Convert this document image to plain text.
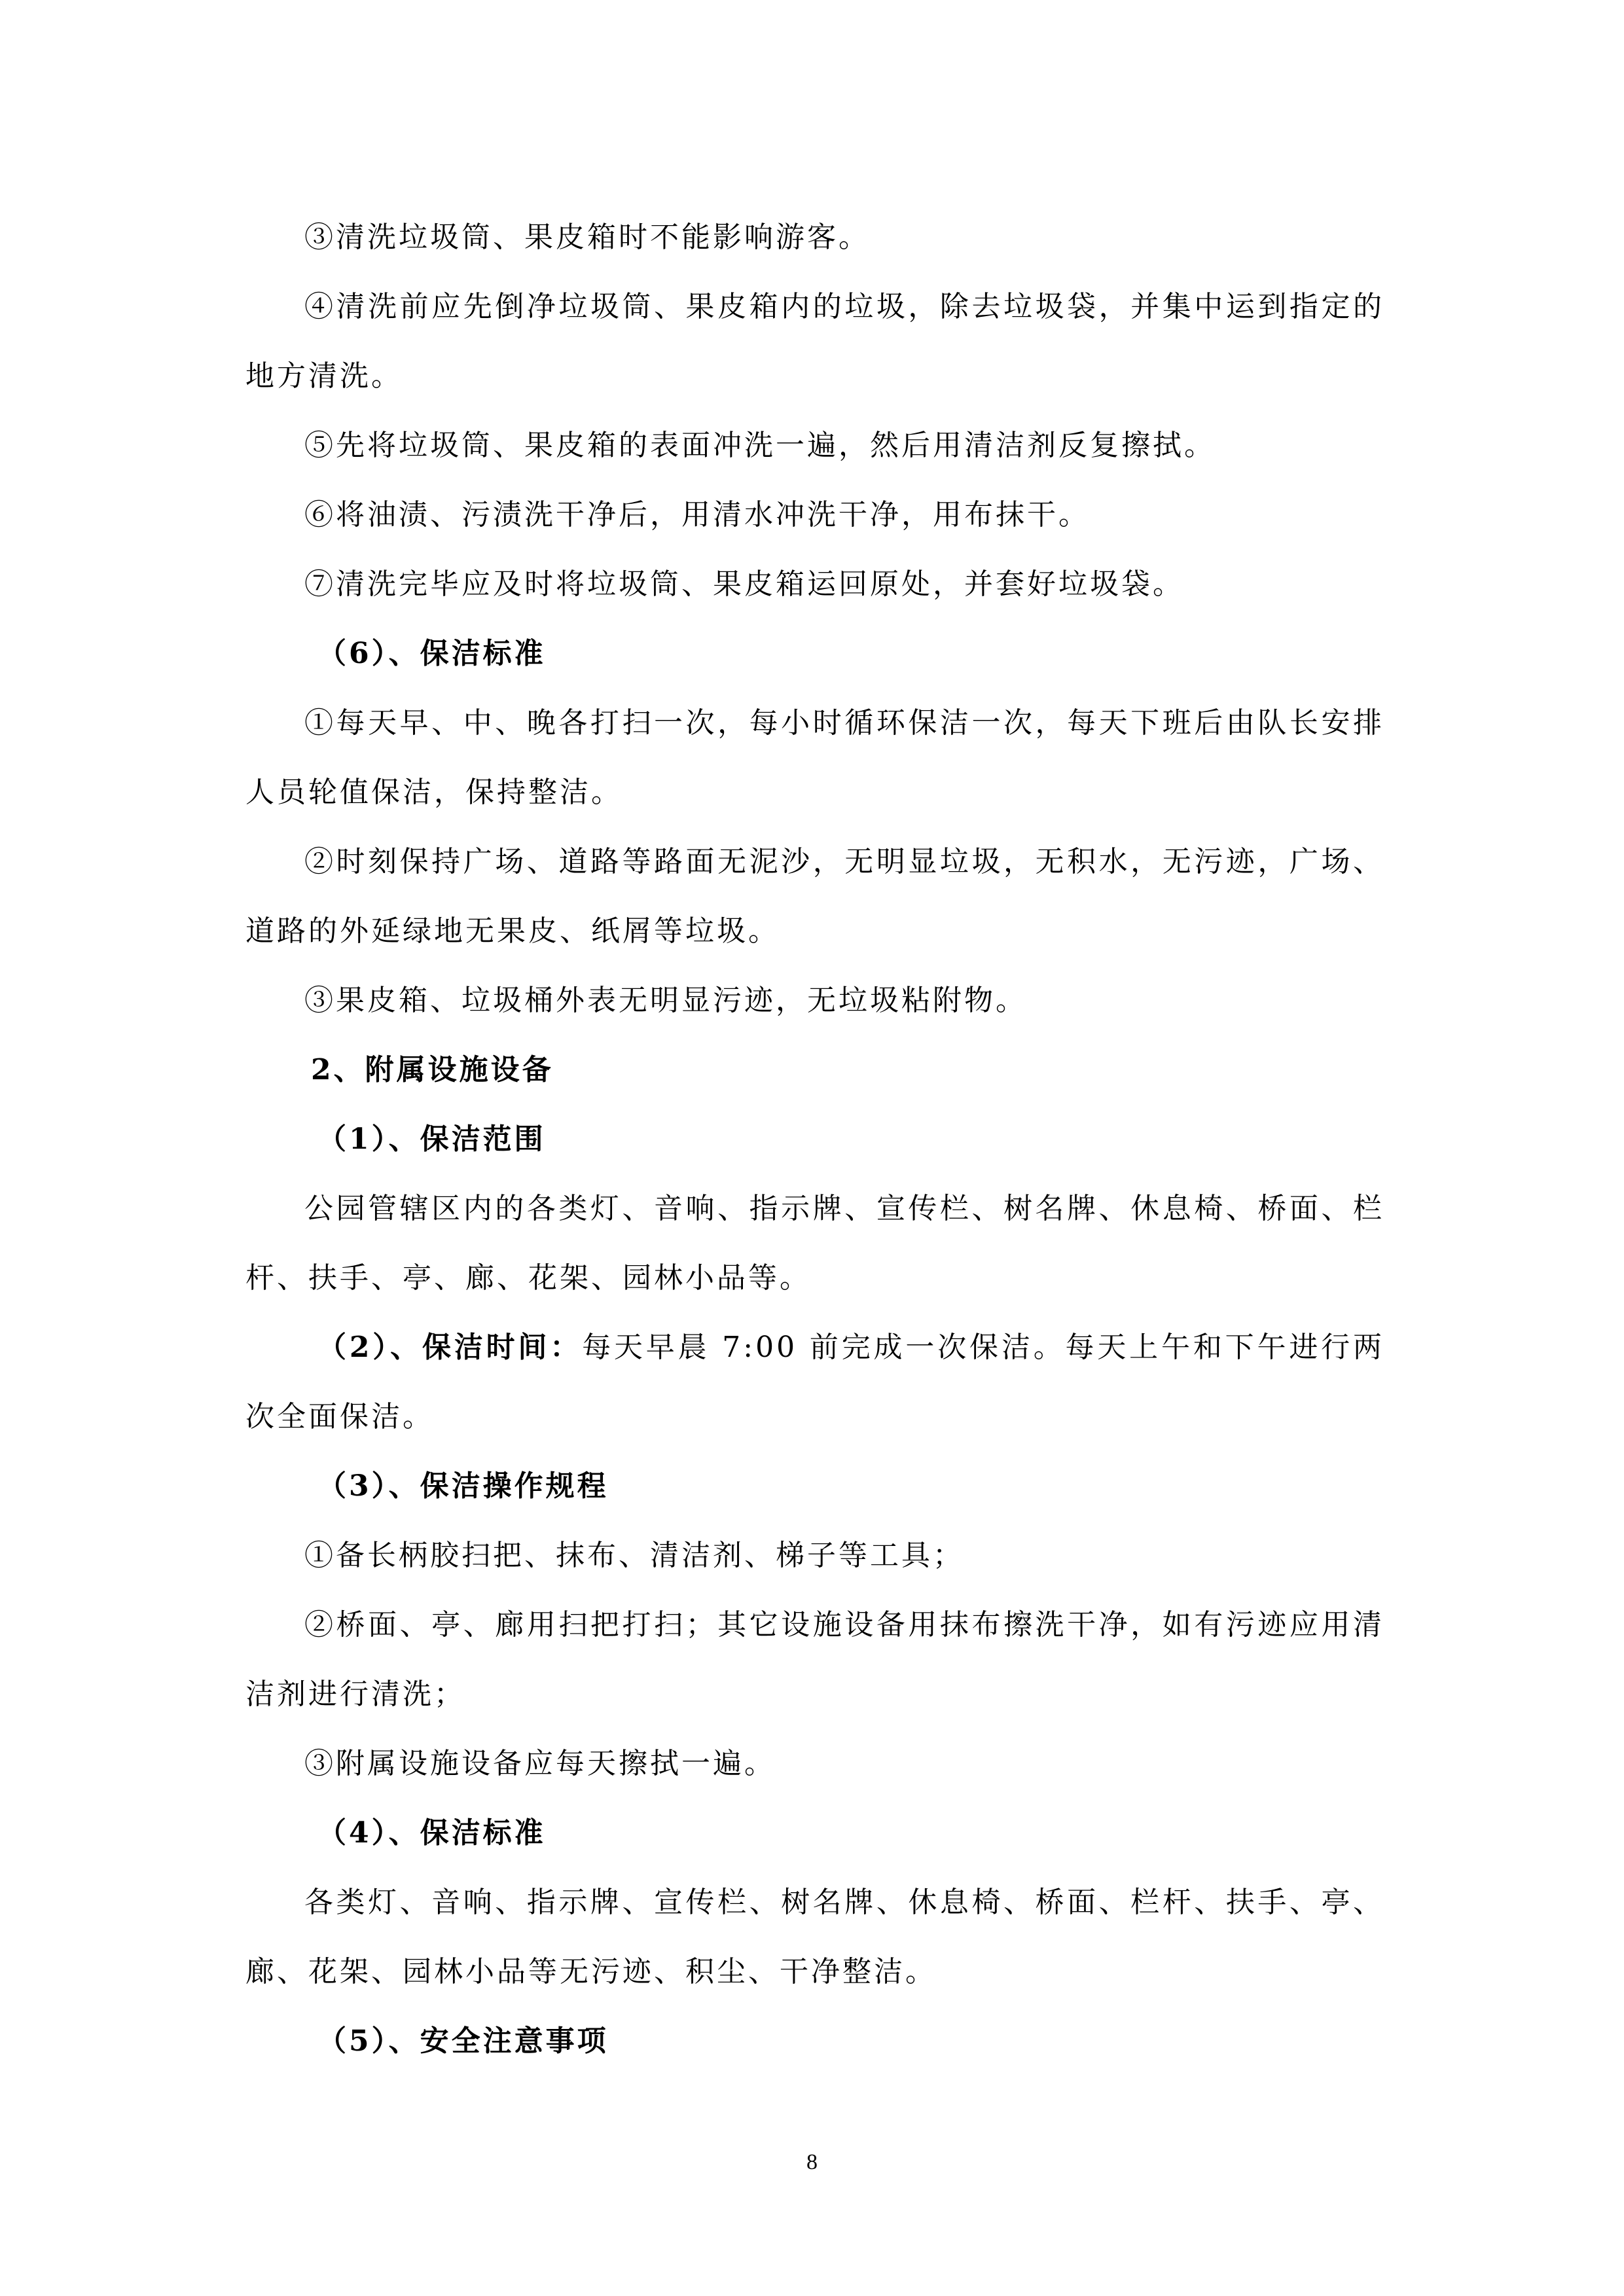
③清洗垃圾筒、果皮箱时不能影响游客。

④清洗前应先倒净垃圾筒、果皮箱内的垃圾，除去垃圾袋，并集中运到指定的地方清洗。

⑤先将垃圾筒、果皮箱的表面冲洗一遍，然后用清洁剂反复擦拭。

⑥将油渍、污渍洗干净后，用清水冲洗干净，用布抹干。

⑦清洗完毕应及时将垃圾筒、果皮箱运回原处，并套好垃圾袋。

（6）、保洁标准

①每天早、中、晚各打扫一次，每小时循环保洁一次，每天下班后由队长安排人员轮值保洁，保持整洁。

②时刻保持广场、道路等路面无泥沙，无明显垃圾，无积水，无污迹，广场、道路的外延绿地无果皮、纸屑等垃圾。

③果皮箱、垃圾桶外表无明显污迹，无垃圾粘附物。

2、附属设施设备

（1）、保洁范围

公园管辖区内的各类灯、音响、指示牌、宣传栏、树名牌、休息椅、桥面、栏杆、扶手、亭、廊、花架、园林小品等。

（2）、保洁时间：每天早晨 7:00 前完成一次保洁。每天上午和下午进行两次全面保洁。

（3）、保洁操作规程

①备长柄胶扫把、抹布、清洁剂、梯子等工具；

②桥面、亭、廊用扫把打扫；其它设施设备用抹布擦洗干净，如有污迹应用清洁剂进行清洗；

③附属设施设备应每天擦拭一遍。

（4）、保洁标准

各类灯、音响、指示牌、宣传栏、树名牌、休息椅、桥面、栏杆、扶手、亭、廊、花架、园林小品等无污迹、积尘、干净整洁。

（5）、安全注意事项

8
